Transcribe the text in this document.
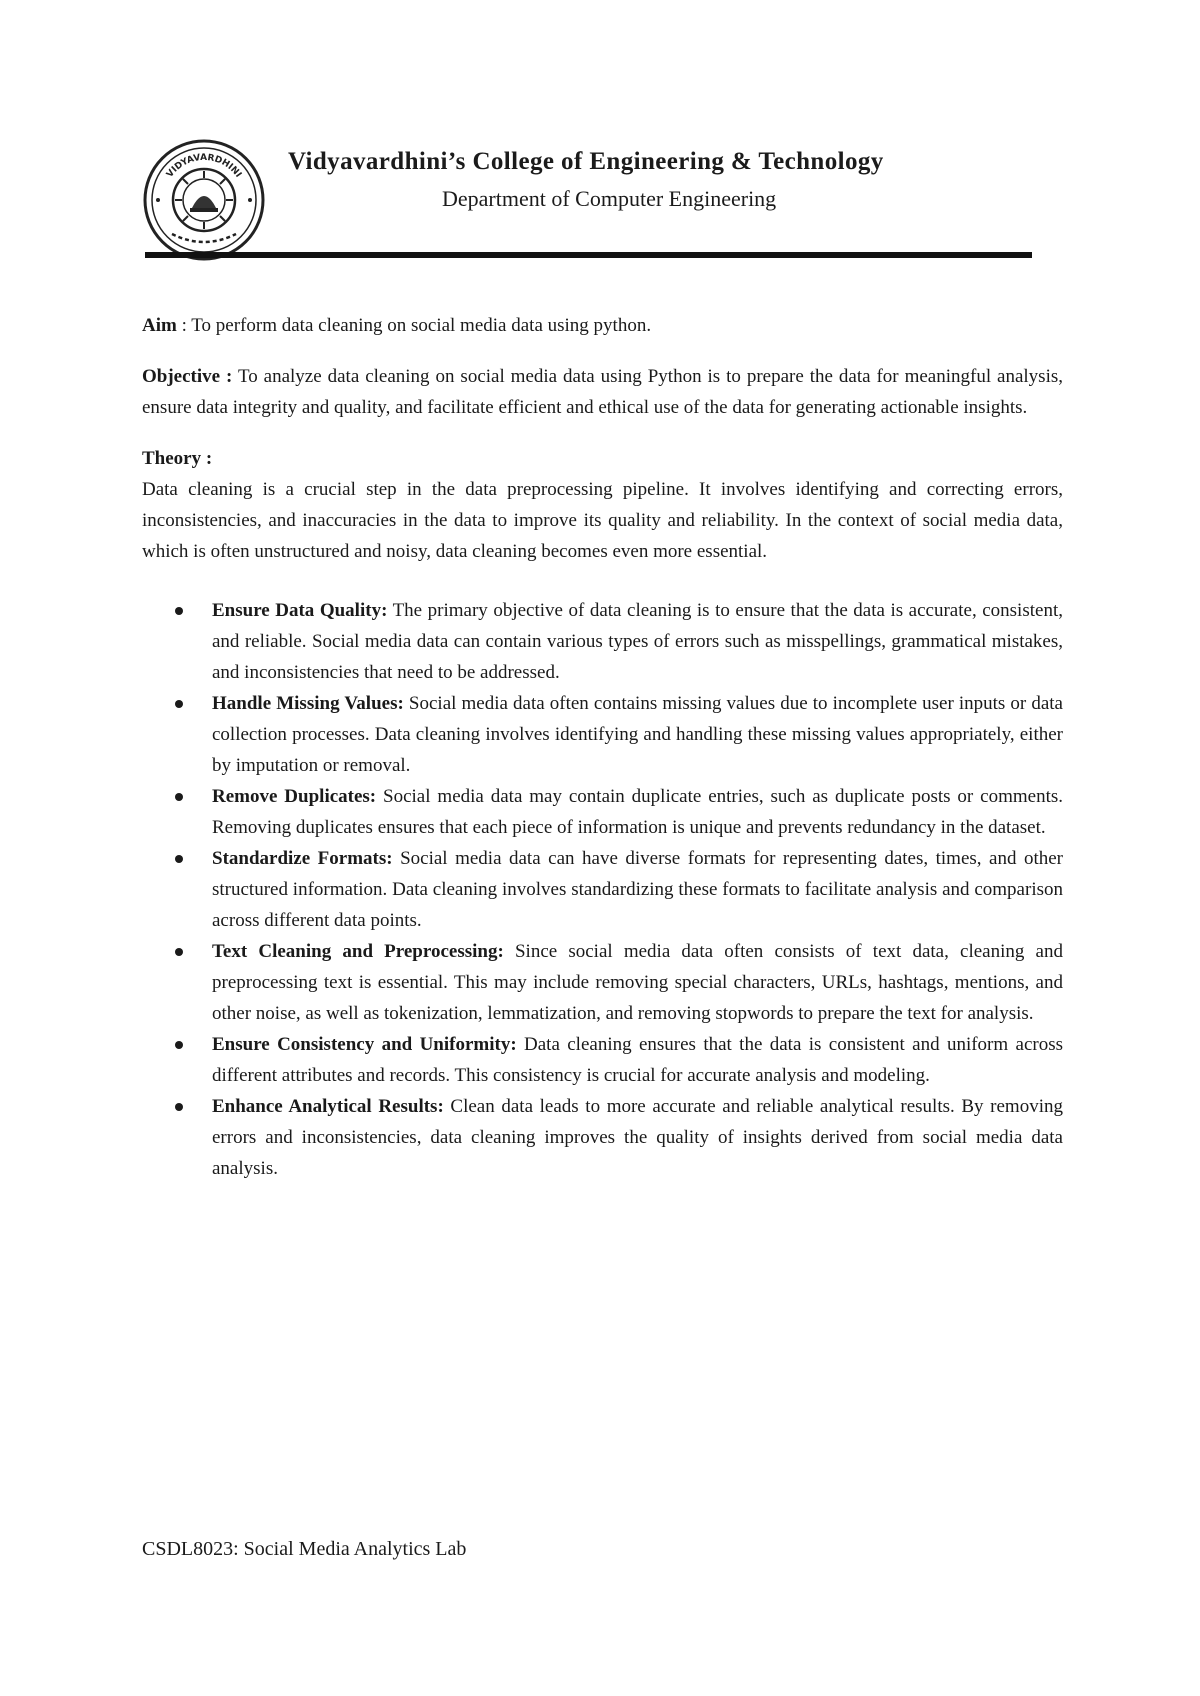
VIDYAVARDHINI
Vidyavardhini’s College of Engineering & Technology
Department of Computer Engineering

Aim : To perform data cleaning on social media data using python.

Objective : To analyze data cleaning on social media data using Python is to prepare the data for meaningful analysis, ensure data integrity and quality, and facilitate efficient and ethical use of the data for generating actionable insights.

Theory :

Data cleaning is a crucial step in the data preprocessing pipeline. It involves identifying and correcting errors, inconsistencies, and inaccuracies in the data to improve its quality and reliability. In the context of social media data, which is often unstructured and noisy, data cleaning becomes even more essential.

Ensure Data Quality: The primary objective of data cleaning is to ensure that the data is accurate, consistent, and reliable. Social media data can contain various types of errors such as misspellings, grammatical mistakes, and inconsistencies that need to be addressed.
Handle Missing Values: Social media data often contains missing values due to incomplete user inputs or data collection processes. Data cleaning involves identifying and handling these missing values appropriately, either by imputation or removal.
Remove Duplicates: Social media data may contain duplicate entries, such as duplicate posts or comments. Removing duplicates ensures that each piece of information is unique and prevents redundancy in the dataset.
Standardize Formats: Social media data can have diverse formats for representing dates, times, and other structured information. Data cleaning involves standardizing these formats to facilitate analysis and comparison across different data points.
Text Cleaning and Preprocessing: Since social media data often consists of text data, cleaning and preprocessing text is essential. This may include removing special characters, URLs, hashtags, mentions, and other noise, as well as tokenization, lemmatization, and removing stopwords to prepare the text for analysis.
Ensure Consistency and Uniformity: Data cleaning ensures that the data is consistent and uniform across different attributes and records. This consistency is crucial for accurate analysis and modeling.
Enhance Analytical Results: Clean data leads to more accurate and reliable analytical results. By removing errors and inconsistencies, data cleaning improves the quality of insights derived from social media data analysis.
CSDL8023: Social Media Analytics Lab
